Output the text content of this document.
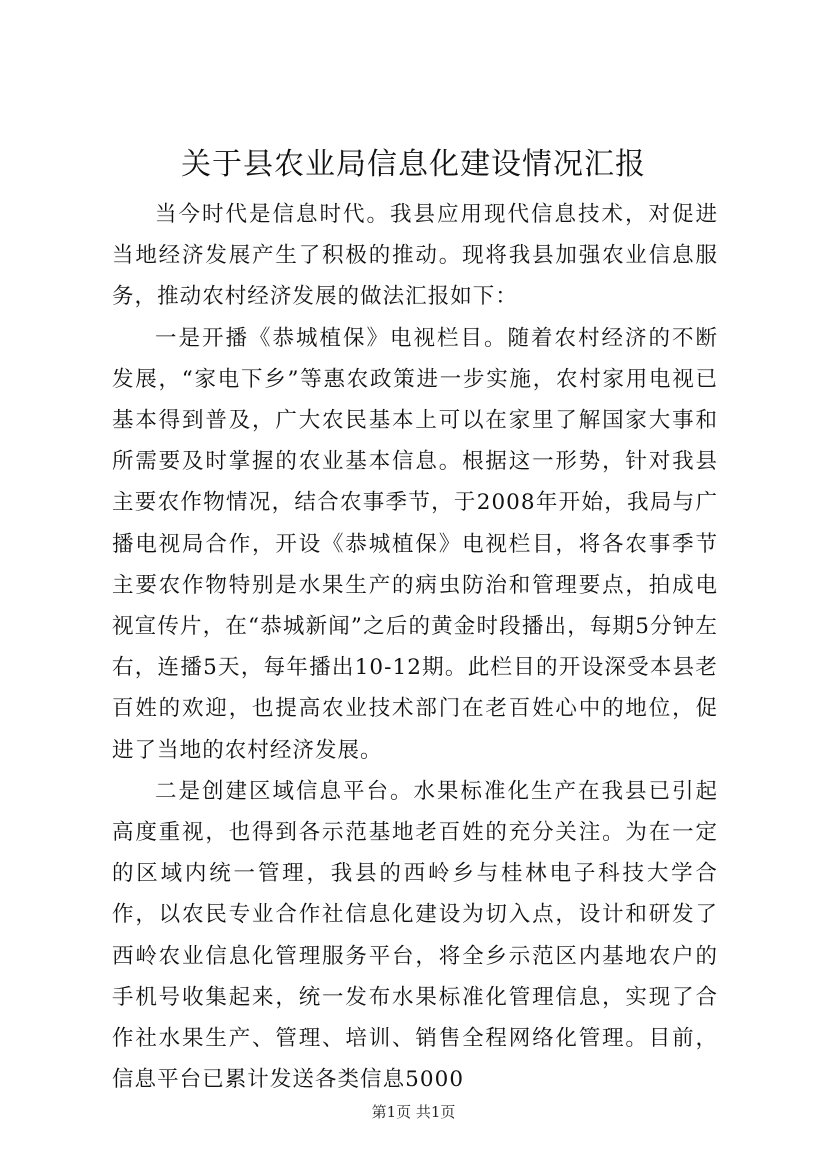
关于县农业局信息化建设情况汇报

当今时代是信息时代。我县应用现代信息技术，对促进当地经济发展产生了积极的推动。现将我县加强农业信息服务，推动农村经济发展的做法汇报如下：

一是开播《恭城植保》电视栏目。随着农村经济的不断发展，“家电下乡”等惠农政策进一步实施，农村家用电视已基本得到普及，广大农民基本上可以在家里了解国家大事和所需要及时掌握的农业基本信息。根据这一形势，针对我县主要农作物情况，结合农事季节，于2008年开始，我局与广播电视局合作，开设《恭城植保》电视栏目，将各农事季节主要农作物特别是水果生产的病虫防治和管理要点，拍成电视宣传片，在“恭城新闻”之后的黄金时段播出，每期5分钟左右，连播5天，每年播出10-12期。此栏目的开设深受本县老百姓的欢迎，也提高农业技术部门在老百姓心中的地位，促进了当地的农村经济发展。

二是创建区域信息平台。水果标准化生产在我县已引起高度重视，也得到各示范基地老百姓的充分关注。为在一定的区域内统一管理，我县的西岭乡与桂林电子科技大学合作，以农民专业合作社信息化建设为切入点，设计和研发了西岭农业信息化管理服务平台，将全乡示范区内基地农户的手机号收集起来，统一发布水果标准化管理信息，实现了合作社水果生产、管理、培训、销售全程网络化管理。目前，信息平台已累计发送各类信息5000

第1页 共1页
